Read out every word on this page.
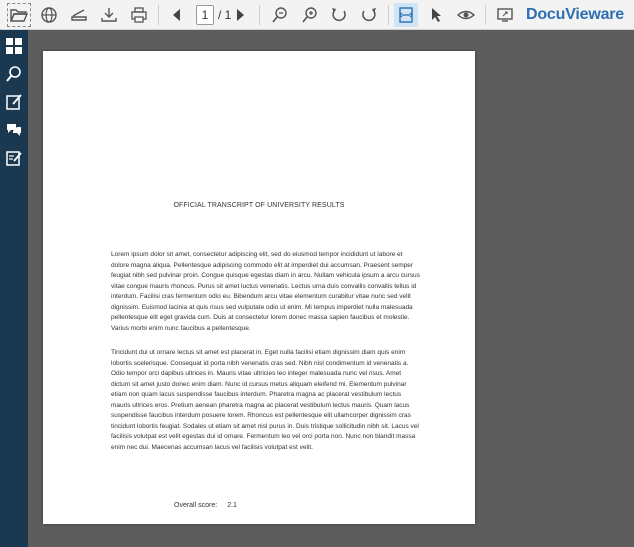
1
/ 1	DocuVieware
OFFICIAL TRANSCRIPT OF UNIVERSITY RESULTS

Lorem ipsum dolor sit amet, consectetur adipiscing elit, sed do eiusmod tempor incididunt ut labore et dolore magna aliqua. Pellentesque adipiscing commodo elit at imperdiet dui accumsan. Praesent semper feugiat nibh sed pulvinar proin. Congue quisque egestas diam in arcu. Nullam vehicula ipsum a arcu cursus vitae congue mauris rhoncus. Purus sit amet luctus venenatis. Lectus urna duis convallis convallis tellus id interdum. Facilisi cras fermentum odio eu. Bibendum arcu vitae elementum curabitur vitae nunc sed velit dignissim. Euismod lacinia at quis risus sed vulputate odio ut enim. Mi tempus imperdiet nulla malesuada pellentesque elit eget gravida cum. Duis at consectetur lorem donec massa sapien faucibus et molestie. Varius morbi enim nunc faucibus a pellentesque.

Tincidunt dui ut ornare lectus sit amet est placerat in. Eget nulla facilisi etiam dignissim diam quis enim lobortis scelerisque. Consequat id porta nibh venenatis cras sed. Nibh nisl condimentum id venenatis a. Odio tempor orci dapibus ultrices in. Mauris vitae ultricies leo integer malesuada nunc vel risus. Amet dictum sit amet justo donec enim diam. Nunc id cursus metus aliquam eleifend mi. Elementum pulvinar etiam non quam lacus suspendisse faucibus interdum. Pharetra magna ac placerat vestibulum lectus mauris ultrices eros. Pretium aenean pharetra magna ac placerat vestibulum lectus mauris. Quam lacus suspendisse faucibus interdum posuere lorem. Rhoncus est pellentesque elit ullamcorper dignissim cras tincidunt lobortis feugiat. Sodales ut etiam sit amet nisl purus in. Duis tristique sollicitudin nibh sit. Lacus vel facilisis volutpat est velit egestas dui id ornare. Fermentum leo vel orci porta non. Nunc non blandit massa enim nec dui. Maecenas accumsan lacus vel facilisis volutpat est velit.

Overall score: 2.1
